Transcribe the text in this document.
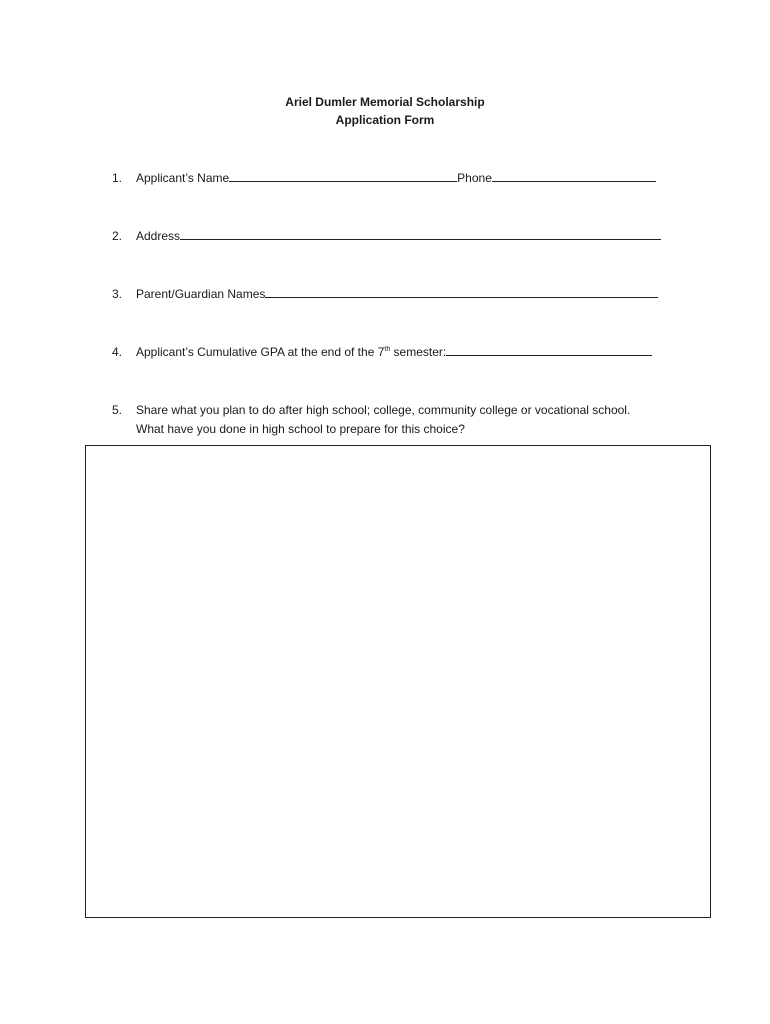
Ariel Dumler Memorial Scholarship
Application Form
1. Applicant’s Name	Phone
2. Address
3. Parent/Guardian Names
4. Applicant’s Cumulative GPA at the end of the 7th semester:
5. Share what you plan to do after high school; college, community college or vocational school.
What have you done in high school to prepare for this choice?
